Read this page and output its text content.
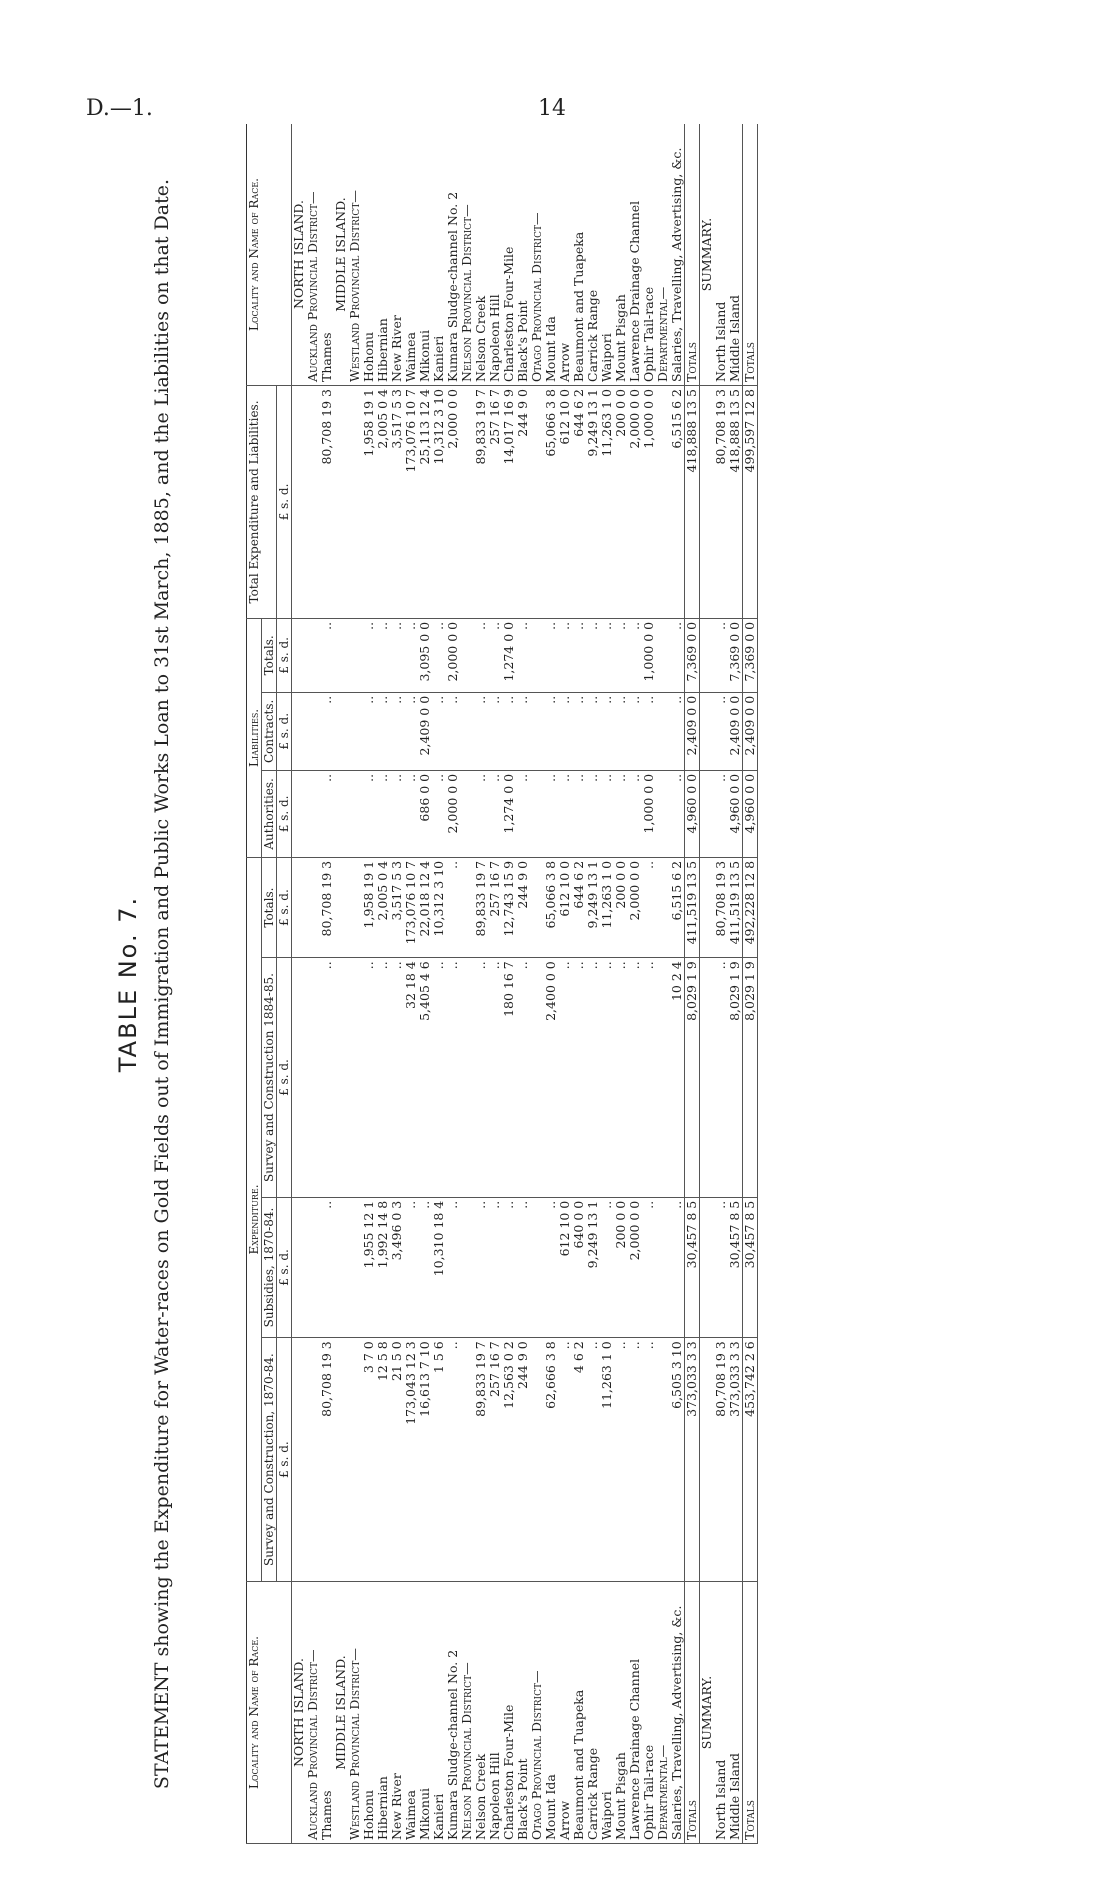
D.—1.	14
TABLE No. 7. STATEMENT showing the Expenditure for Water-races on Gold Fields out of Immigration and Public Works Loan to 31st March, 1885, and the Liabilities on that Date.	Locality and Name of Race.	Expenditure.				Liabilities.			Total Expenditure and Liabilities.	Locality and Name of Race.
	Survey and Construction, 1870-84.	Subsidies, 1870-84.	Survey and Construction 1884-85.	Totals.	Authorities.	Contracts.	Totals.		
	£ s. d.	£ s. d.	£ s. d.	£ s. d.	£ s. d.	£ s. d.	£ s. d.	£ s. d.	
NORTH ISLAND.									NORTH ISLAND.
Auckland Provincial District—									Auckland Provincial District—
Thames	80,708 19 3	..	..	80,708 19 3	..	..	..	80,708 19 3	Thames
MIDDLE ISLAND.									MIDDLE ISLAND.
Westland Provincial District—									Westland Provincial District—
Hohonu	3 7 0	1,955 12 1	..	1,958 19 1	..	..	..	1,958 19 1	Hohonu
Hibernian	12 5 8	1,992 14 8	..	2,005 0 4	..	..	..	2,005 0 4	Hibernian
New River	21 5 0	3,496 0 3	..	3,517 5 3	..	..	..	3,517 5 3	New River
Waimea	173,043 12 3	..	32 18 4	173,076 10 7	..	..	..	173,076 10 7	Waimea
Mikonui	16,613 7 10	..	5,405 4 6	22,018 12 4	686 0 0	2,409 0 0	3,095 0 0	25,113 12 4	Mikonui
Kanieri	1 5 6	10,310 18 4	..	10,312 3 10	..	..	..	10,312 3 10	Kanieri
Kumara Sludge-channel No. 2	..	..	..	..	2,000 0 0	..	2,000 0 0	2,000 0 0	Kumara Sludge-channel No. 2
Nelson Provincial District—									Nelson Provincial District—
Nelson Creek	89,833 19 7	..	..	89,833 19 7	..	..	..	89,833 19 7	Nelson Creek
Napoleon Hill	257 16 7	..	..	257 16 7	..	..	..	257 16 7	Napoleon Hill
Charleston Four-Mile	12,563 0 2	..	180 16 7	12,743 15 9	1,274 0 0	..	1,274 0 0	14,017 16 9	Charleston Four-Mile
Black's Point	244 9 0	..	..	244 9 0	..	..	..	244 9 0	Black's Point
Otago Provincial District—									Otago Provincial District—
Mount Ida	62,666 3 8	..	2,400 0 0	65,066 3 8	..	..	..	65,066 3 8	Mount Ida
Arrow	..	612 10 0	..	612 10 0	..	..	..	612 10 0	Arrow
Beaumont and Tuapeka	4 6 2	640 0 0	..	644 6 2	..	..	..	644 6 2	Beaumont and Tuapeka
Carrick Range	..	9,249 13 1	..	9,249 13 1	..	..	..	9,249 13 1	Carrick Range
Waipori	11,263 1 0	..	..	11,263 1 0	..	..	..	11,263 1 0	Waipori
Mount Pisgah	..	200 0 0	..	200 0 0	..	..	..	200 0 0	Mount Pisgah
Lawrence Drainage Channel	..	2,000 0 0	..	2,000 0 0	..	..	..	2,000 0 0	Lawrence Drainage Channel
Ophir Tail-race	..	..	..	..	1,000 0 0	..	1,000 0 0	1,000 0 0	Ophir Tail-race
Departmental—									Departmental—
Salaries, Travelling, Advertising, &c.	6,505 3 10	..	10 2 4	6,515 6 2	..	..	..	6,515 6 2	Salaries, Travelling, Advertising, &c.
Totals	373,033 3 3	30,457 8 5	8,029 1 9	411,519 13 5	4,960 0 0	2,409 0 0	7,369 0 0	418,888 13 5	Totals
SUMMARY.									SUMMARY.
North Island	80,708 19 3	..	..	80,708 19 3	..	..	..	80,708 19 3	North Island
Middle Island	373,033 3 3	30,457 8 5	8,029 1 9	411,519 13 5	4,960 0 0	2,409 0 0	7,369 0 0	418,888 13 5	Middle Island
Totals	453,742 2 6	30,457 8 5	8,029 1 9	492,228 12 8	4,960 0 0	2,409 0 0	7,369 0 0	499,597 12 8	Totals
